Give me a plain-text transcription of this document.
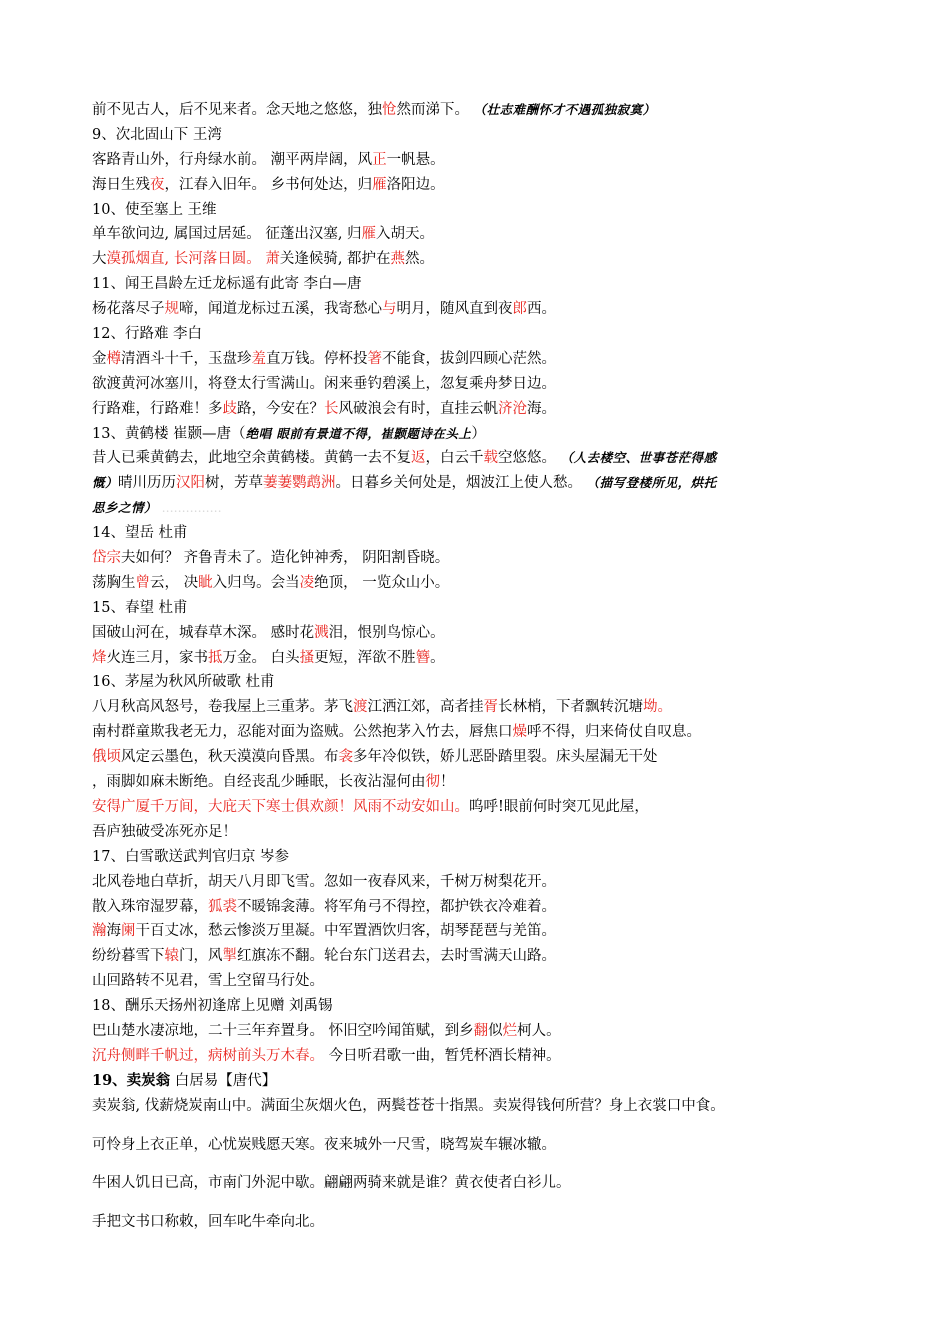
前不见古人，后不见来者。念天地之悠悠，独怆然而涕下。 （壮志难酬怀才不遇孤独寂寞）
9、次北固山下 王湾
客路青山外，行舟绿水前。 潮平两岸阔，风正一帆悬。
海日生残夜，江春入旧年。 乡书何处达，归雁洛阳边。
10、使至塞上 王维
单车欲问边, 属国过居延。 征蓬出汉塞, 归雁入胡天。
大漠孤烟直, 长河落日圆。 萧关逢候骑, 都护在燕然。
11、闻王昌龄左迁龙标遥有此寄 李白—唐
杨花落尽子规啼，闻道龙标过五溪，我寄愁心与明月，随风直到夜郎西。
12、行路难 李白
金樽清酒斗十千，玉盘珍羞直万钱。停杯投箸不能食，拔剑四顾心茫然。
欲渡黄河冰塞川，将登太行雪满山。闲来垂钓碧溪上，忽复乘舟梦日边。
行路难，行路难！多歧路，今安在？长风破浪会有时，直挂云帆济沧海。
13、黄鹤楼 崔颢—唐（绝唱 眼前有景道不得，崔颢题诗在头上）
昔人已乘黄鹤去，此地空余黄鹤楼。黄鹤一去不复返，白云千载空悠悠。 （人去楼空、世事苍茫得感
慨）晴川历历汉阳树，芳草萋萋鹦鹉洲。日暮乡关何处是，烟波江上使人愁。 （描写登楼所见，烘托
思乡之情） ……………
14、望岳 杜甫
岱宗夫如何？ 齐鲁青未了。造化钟神秀， 阴阳割昏晓。
荡胸生曾云， 决眦入归鸟。会当凌绝顶， 一览众山小。
15、春望 杜甫
国破山河在，城春草木深。 感时花溅泪，恨别鸟惊心。
烽火连三月，家书抵万金。 白头搔更短，浑欲不胜簪。
16、茅屋为秋风所破歌 杜甫
八月秋高风怒号，卷我屋上三重茅。茅飞渡江洒江郊，高者挂胥长林梢，下者飘转沉塘坳。
南村群童欺我老无力，忍能对面为盗贼。公然抱茅入竹去，唇焦口燥呼不得，归来倚仗自叹息。
俄顷风定云墨色，秋天漠漠向昏黑。布衾多年冷似铁，娇儿恶卧踏里裂。床头屋漏无干处
，雨脚如麻未断绝。自经丧乱少睡眠，长夜沾湿何由彻！
安得广厦千万间，大庇天下寒士俱欢颜！风雨不动安如山。呜呼!眼前何时突兀见此屋，
吾庐独破受冻死亦足！
17、白雪歌送武判官归京 岑参
北风卷地白草折，胡天八月即飞雪。忽如一夜春风来，千树万树梨花开。
散入珠帘湿罗幕，狐裘不暖锦衾薄。将军角弓不得控，都护铁衣冷难着。
瀚海阑干百丈冰，愁云惨淡万里凝。中军置酒饮归客，胡琴琵琶与羌笛。
纷纷暮雪下辕门，风掣红旗冻不翻。轮台东门送君去，去时雪满天山路。
山回路转不见君，雪上空留马行处。
18、酬乐天扬州初逢席上见赠 刘禹锡
巴山楚水凄凉地，二十三年弃置身。 怀旧空吟闻笛赋，到乡翻似烂柯人。
沉舟侧畔千帆过，病树前头万木春。 今日听君歌一曲，暂凭杯酒长精神。
19、卖炭翁 白居易【唐代】
卖炭翁, 伐薪烧炭南山中。满面尘灰烟火色，两鬓苍苍十指黑。卖炭得钱何所营？身上衣裳口中食。
可怜身上衣正单，心忧炭贱愿天寒。夜来城外一尺雪，晓驾炭车辗冰辙。
牛困人饥日已高，市南门外泥中歇。翩翩两骑来就是谁？黄衣使者白衫儿。
手把文书口称敕，回车叱牛牵向北。
